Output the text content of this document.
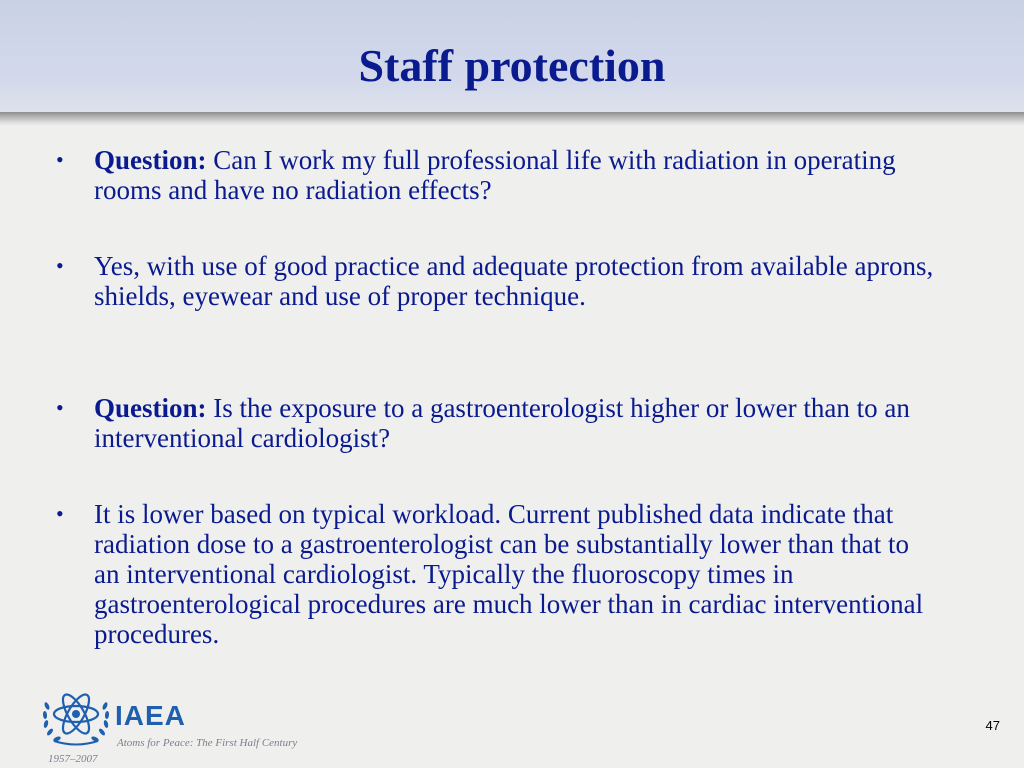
Staff protection
• Question: Can I work my full professional life with radiation in operating rooms and have no radiation effects?
• Yes, with use of good practice and adequate protection from available aprons, shields, eyewear and use of proper technique.
• Question: Is the exposure to a gastroenterologist higher or lower than to an interventional cardiologist?
• It is lower based on typical workload. Current published data indicate that radiation dose to a gastroenterologist can be substantially lower than that to an interventional cardiologist. Typically the fluoroscopy times in gastroenterological procedures are much lower than in cardiac interventional procedures.
IAEA
Atoms for Peace: The First Half Century
1957–2007
47
